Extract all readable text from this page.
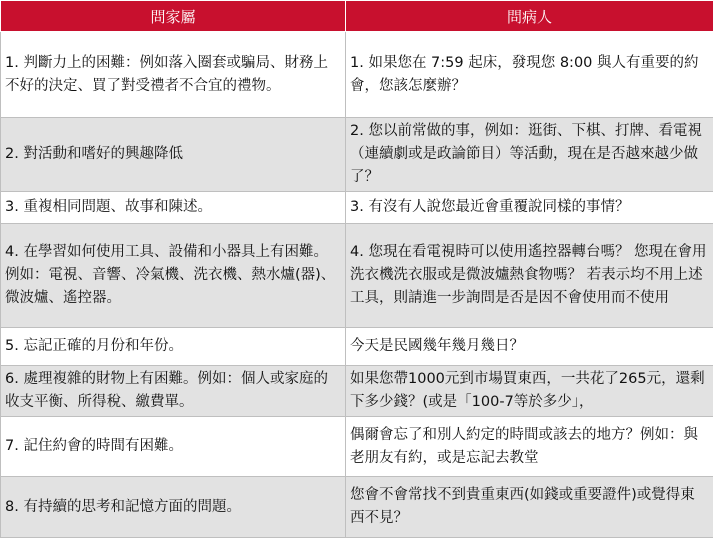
問家屬	問病人
1. 判斷力上的困難：例如落入圈套或騙局、財務上不好的決定、買了對受禮者不合宜的禮物。	1. 如果您在 7:59 起床，發現您 8:00 與人有重要的約會，您該怎麼辦？
2. 對活動和嗜好的興趣降低	2. 您以前常做的事，例如：逛街、下棋、打牌、看電視（連續劇或是政論節目）等活動，現在是否越來越少做了？
3. 重複相同問題、故事和陳述。	3. 有沒有人說您最近會重覆說同樣的事情？
4. 在學習如何使用工具、設備和小器具上有困難。例如：電視、音響、冷氣機、洗衣機、熱水爐(器)、微波爐、遙控器。	4. 您現在看電視時可以使用遙控器轉台嗎？ 您現在會用洗衣機洗衣服或是微波爐熱食物嗎？ 若表示均不用上述工具，則請進一步詢問是否是因不會使用而不使用
5. 忘記正確的月份和年份。	今天是民國幾年幾月幾日？
6. 處理複雜的財物上有困難。例如：個人或家庭的收支平衡、所得稅、繳費單。	如果您帶1000元到市場買東西，一共花了265元，還剩下多少錢？(或是「100-7等於多少」，
7. 記住約會的時間有困難。	偶爾會忘了和別人約定的時間或該去的地方？例如：與老朋友有約，或是忘記去教堂
8. 有持續的思考和記憶方面的問題。	您會不會常找不到貴重東西(如錢或重要證件)或覺得東西不見？
